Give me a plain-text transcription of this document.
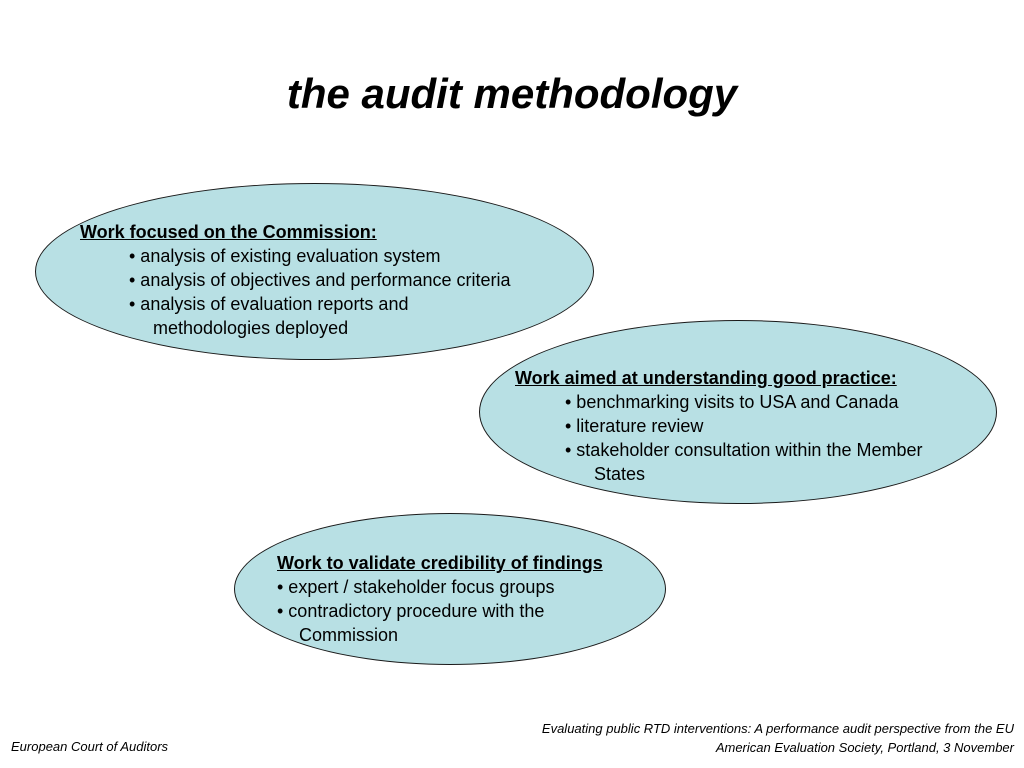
the audit methodology
Work focused on the Commission:
• analysis of existing evaluation system
• analysis of objectives and performance criteria
• analysis of evaluation reports and
methodologies deployed
Work aimed at understanding good practice:
• benchmarking visits to USA and Canada
• literature review
• stakeholder consultation within the Member
States
Work to validate credibility of findings
• expert / stakeholder focus groups
• contradictory procedure with the
Commission
European Court of Auditors
Evaluating public RTD interventions: A performance audit perspective from the EU
American Evaluation Society, Portland, 3 November
